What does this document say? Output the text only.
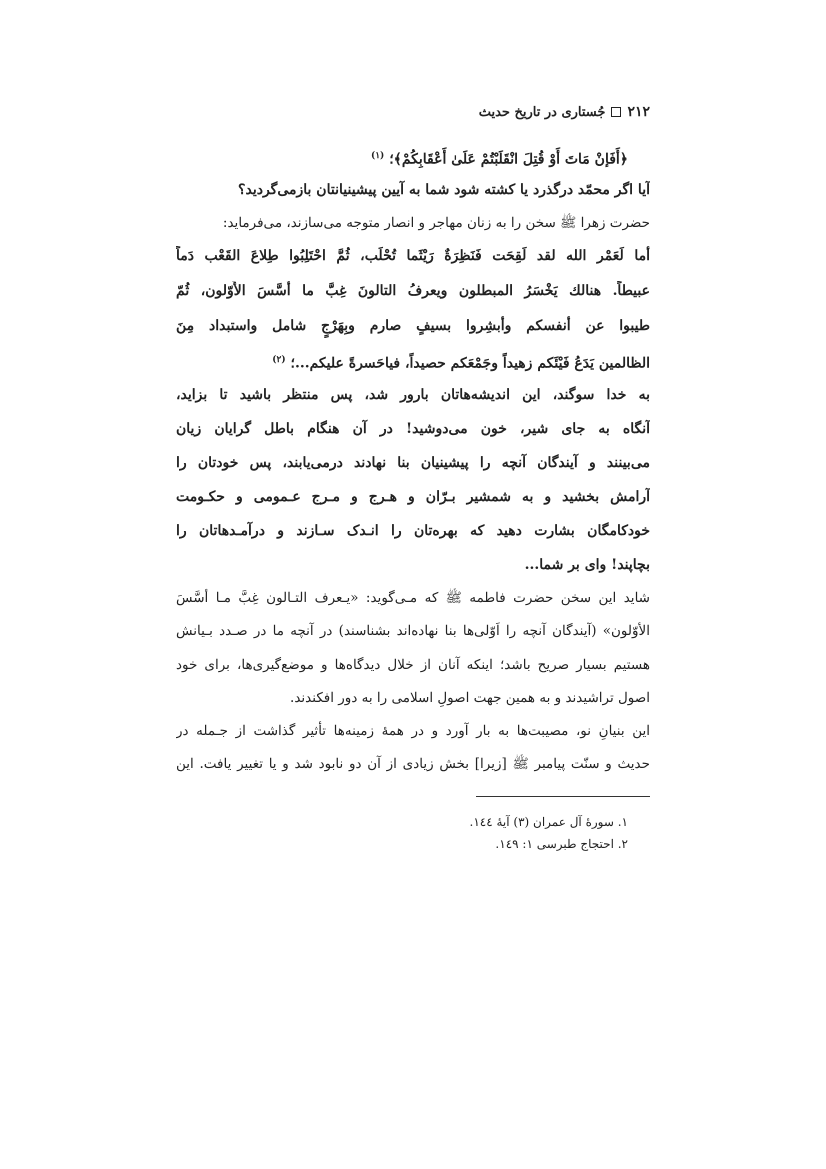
۲۱۲
جُستاری در تاریخ حدیث
﴿أَفَإِنْ مَاتَ أَوْ قُتِلَ انْقَلَبْتُمْ عَلَىٰ أَعْقَابِكُمْ﴾؛ $^{(۱)}$
آیا اگر محمّد درگذرد یا کشته شود شما به آیین پیشینیانتان بازمی‌گردید؟
حضرت زهرا ﷺ سخن را به زنان مهاجر و انصار متوجه می‌سازند، می‌فرماید:
أما لَعَمْر الله لقد لَقِحَت فَنَظِرَةٌ رَيْثَما تُحْلَب، ثُمَّ احْتَلِبُوا طِلاعَ القَعْب دَماً
عبيطاً. هنالك يَخْسَرُ المبطلون ويعرفُ التالونَ غِبَّ ما أَسَّسَ الأَوّلون، ثُمّ
طيبوا عن أنفسكم وأبشِروا بسيفٍ صارم وبِهَرْجٍ شامل واستبداد مِنَ
الظالمين يَدَعُ فَيْئَكم زهيداً وجَمْعَكم حصيداً، فياحَسرةً عليكم...؛ $^{(۲)}$
به خدا سوگند، این اندیشه‌هاتان بارور شد، پس منتظر باشید تا بزاید،
آنگاه به جای شیر، خون می‌دوشید! در آن هنگام باطل گرایان زیان
می‌بینند و آیندگان آنچه را پیشینیان بنا نهادند درمی‌یابند، پس خودتان را
آرامش بخشید و به شمشیر بـرّان و هـرج و مـرج عـمومی و حکـومت
خودکامگان بشارت دهید که بهره‌تان را انـدک سـازند و درآمـدهاتان را
بچاپند! وای بر شما...
شاید این سخن حضرت فاطمه ﷺ که مـی‌گوید: «یـعرف التـالون غِبَّ مـا أَسَّسَ
الأوّلون» (آیندگان آنچه را اَوّلی‌ها بنا نهاده‌اند بشناسند) در آنچه ما در صـدد بـیانش
هستیم بسیار صریح باشد؛ اینکه آنان از خلال دیدگاه‌ها و موضع‌گیری‌ها، برای خود
اصول تراشیدند و به همین جهت اصولِ اسلامی را به دور افکندند.
این بنیانِ نو، مصیبت‌ها به بار آورد و در همهٔ زمینه‌ها تأثیر گذاشت از جـمله در
حدیث و سنّت پیامبر ﷺ [زیرا] بخش زیادی از آن دو نابود شد و یا تغییر یافت. این
۱. سورهٔ آل عمران (۳) آیهٔ ۱٤٤.
۲. احتجاج طبرسی ۱: ۱٤۹.
